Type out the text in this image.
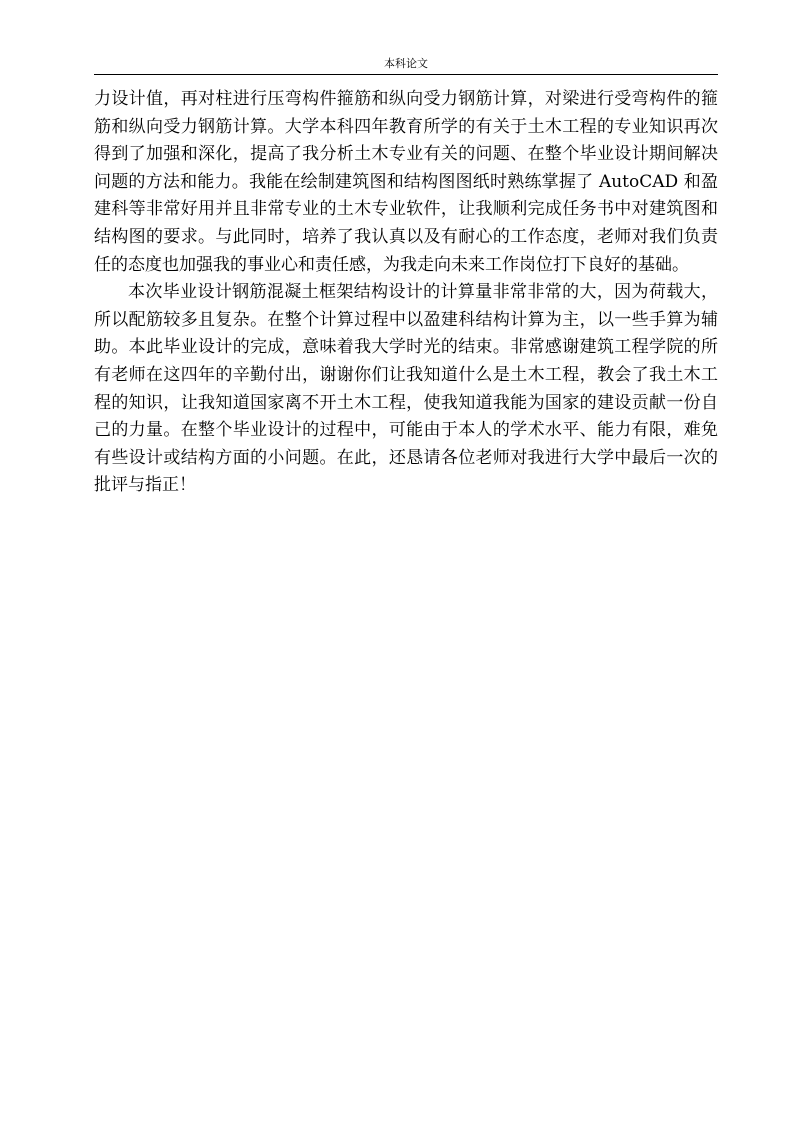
本科论文

力设计值，再对柱进行压弯构件箍筋和纵向受力钢筋计算，对梁进行受弯构件的箍筋和纵向受力钢筋计算。大学本科四年教育所学的有关于土木工程的专业知识再次得到了加强和深化，提高了我分析土木专业有关的问题、在整个毕业设计期间解决问题的方法和能力。我能在绘制建筑图和结构图图纸时熟练掌握了 AutoCAD 和盈建科等非常好用并且非常专业的土木专业软件，让我顺利完成任务书中对建筑图和结构图的要求。与此同时，培养了我认真以及有耐心的工作态度，老师对我们负责任的态度也加强我的事业心和责任感，为我走向未来工作岗位打下良好的基础。

本次毕业设计钢筋混凝土框架结构设计的计算量非常非常的大，因为荷载大，所以配筋较多且复杂。在整个计算过程中以盈建科结构计算为主，以一些手算为辅助。本此毕业设计的完成，意味着我大学时光的结束。非常感谢建筑工程学院的所有老师在这四年的辛勤付出，谢谢你们让我知道什么是土木工程，教会了我土木工程的知识，让我知道国家离不开土木工程，使我知道我能为国家的建设贡献一份自己的力量。在整个毕业设计的过程中，可能由于本人的学术水平、能力有限，难免有些设计或结构方面的小问题。在此，还恳请各位老师对我进行大学中最后一次的批评与指正！
